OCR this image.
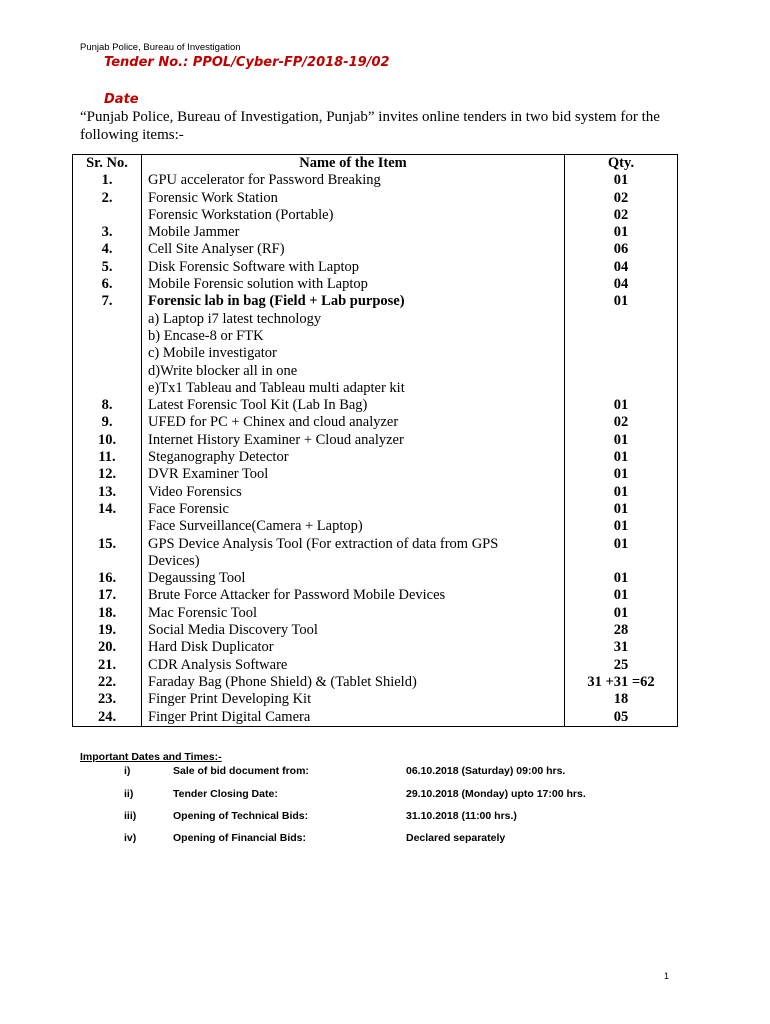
Punjab Police, Bureau of Investigation
Tender No.: PPOL/Cyber-FP/2018-19/02
Date
“Punjab Police, Bureau of Investigation, Punjab” invites online tenders in two bid system for the following items:-
Sr. No.	Name of the Item	Qty.
1.	GPU accelerator for Password Breaking	01
2.	Forensic Work Station	02
	Forensic Workstation (Portable)	02
3.	Mobile Jammer	01
4.	Cell Site Analyser (RF)	06
5.	Disk Forensic Software with Laptop	04
6.	Mobile Forensic solution with Laptop	04
7.	Forensic lab in bag (Field + Lab purpose)	01
	a) Laptop i7 latest technology	
	b) Encase-8 or FTK	
	c) Mobile investigator	
	d)Write blocker all in one	
	e)Tx1 Tableau and Tableau multi adapter kit	
8.	Latest Forensic Tool Kit (Lab In Bag)	01
9.	UFED for PC + Chinex and cloud analyzer	02
10.	Internet History Examiner + Cloud analyzer	01
11.	Steganography Detector	01
12.	DVR Examiner Tool	01
13.	Video Forensics	01
14.	Face Forensic	01
	Face Surveillance(Camera + Laptop)	01
15.	GPS Device Analysis Tool (For extraction of data from GPS	01
	Devices)	
16.	Degaussing Tool	01
17.	Brute Force Attacker for Password Mobile Devices	01
18.	Mac Forensic Tool	01
19.	Social Media Discovery Tool	28
20.	Hard Disk Duplicator	31
21.	CDR Analysis Software	25
22.	Faraday Bag (Phone Shield) & (Tablet Shield)	31 +31 =62
23.	Finger Print Developing Kit	18
24.	Finger Print Digital Camera	05
Important Dates and Times:-
i)	Sale of bid document from:	06.10.2018 (Saturday) 09:00 hrs.
ii)	Tender Closing Date:	29.10.2018 (Monday) upto 17:00 hrs.
iii)	Opening of Technical Bids:	31.10.2018 (11:00 hrs.)
iv)	Opening of Financial Bids:	Declared separately
1
